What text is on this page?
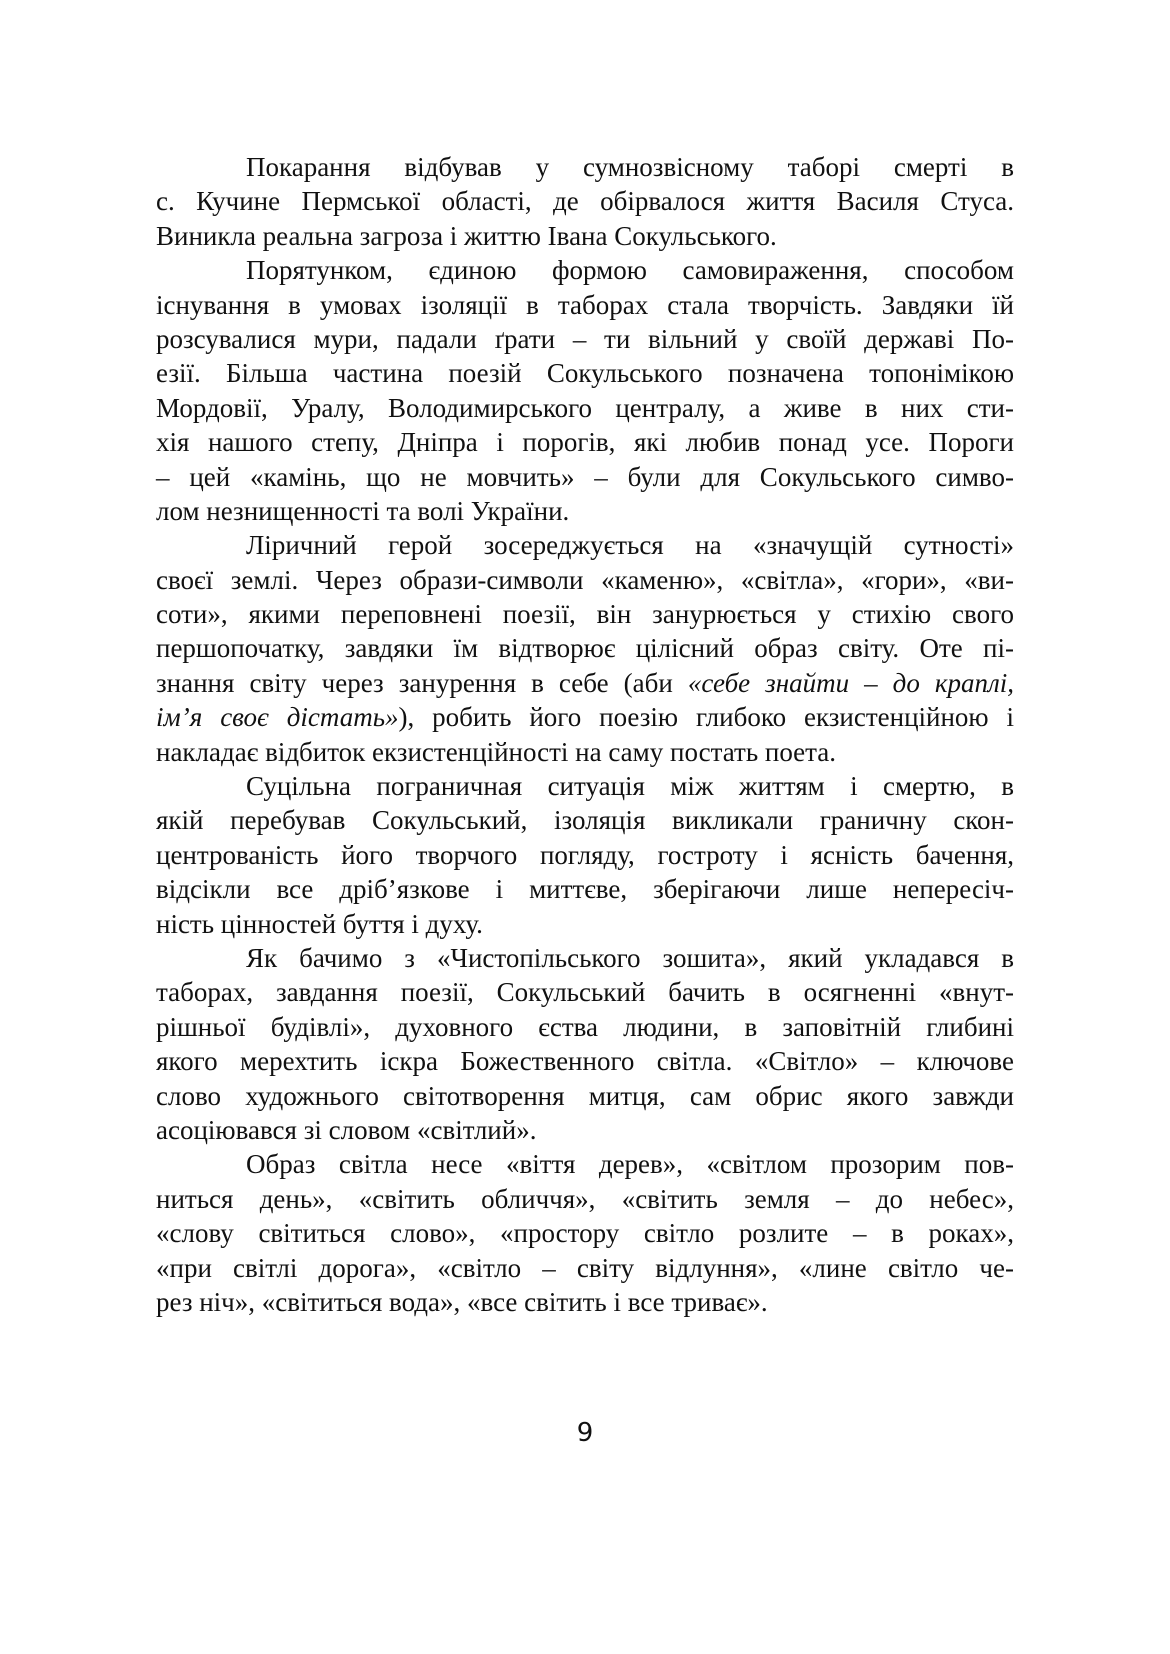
Покарання відбував у сумнозвісному таборі смерті в
с. Кучине Пермської області, де обірвалося життя Василя Стуса.
Виникла реальна загроза і життю Івана Сокульського.
Порятунком, єдиною формою самовираження, способом
існування в умовах ізоляції в таборах стала творчість. Завдяки їй
розсувалися мури, падали ґрати – ти вільний у своїй державі По-
езії. Більша частина поезій Сокульського позначена топонімікою
Мордовії, Уралу, Володимирського централу, а живе в них сти-
хія нашого степу, Дніпра і порогів, які любив понад усе. Пороги
– цей «камінь, що не мовчить» – були для Сокульського симво-
лом незнищенності та волі України.
Ліричний герой зосереджується на «значущій сутності»
своєї землі. Через образи-символи «каменю», «світла», «гори», «ви-
соти», якими переповнені поезії, він занурюється у стихію свого
першопочатку, завдяки їм відтворює цілісний образ світу. Оте пі-
знання світу через занурення в себе (аби «себе знайти – до краплі,
ім’я своє дістать»), робить його поезію глибоко екзистенційною і
накладає відбиток екзистенційності на саму постать поета.
Суцільна пограничная ситуація між життям і смертю, в
якій перебував Сокульський, ізоляція викликали граничну скон-
центрованість його творчого погляду, гостроту і ясність бачення,
відсікли все дріб’язкове і миттєве, зберігаючи лише непересіч-
ність цінностей буття і духу.
Як бачимо з «Чистопільського зошита», який укладався в
таборах, завдання поезії, Сокульський бачить в осягненні «внут-
рішньої будівлі», духовного єства людини, в заповітній глибині
якого мерехтить іскра Божественного світла. «Світло» – ключове
слово художнього світотворення митця, сам обрис якого завжди
асоціювався зі словом «світлий».
Образ світла несе «віття дерев», «світлом прозорим пов-
ниться день», «світить обличчя», «світить земля – до небес»,
«слову світиться слово», «простору світло розлите – в роках»,
«при світлі дорога», «світло – світу відлуння», «лине світло че-
рез ніч», «світиться вода», «все світить і все триває».
9
